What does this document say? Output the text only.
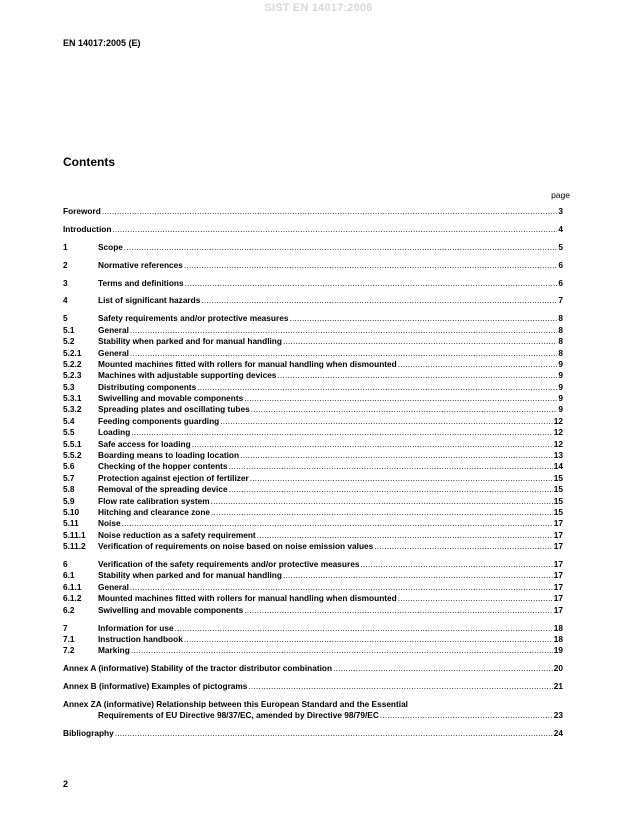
SIST EN 14017:2006
EN 14017:2005 (E)
Contents
page
Foreword .....	3
Introduction .....	4
1	Scope .....	5
2	Normative references .....	6
3	Terms and definitions .....	6
4	List of significant hazards .....	7
5	Safety requirements and/or protective measures .....	8
5.1	General .....	8
5.2	Stability when parked and for manual handling .....	8
5.2.1	General .....	8
5.2.2	Mounted machines fitted with rollers for manual handling when dismounted .....	9
5.2.3	Machines with adjustable supporting devices .....	9
5.3	Distributing components .....	9
5.3.1	Swivelling and movable components .....	9
5.3.2	Spreading plates and oscillating tubes .....	9
5.4	Feeding components guarding .....	12
5.5	Loading .....	12
5.5.1	Safe access for loading .....	12
5.5.2	Boarding means to loading location .....	13
5.6	Checking of the hopper contents .....	14
5.7	Protection against ejection of fertilizer .....	15
5.8	Removal of the spreading device .....	15
5.9	Flow rate calibration system .....	15
5.10	Hitching and clearance zone .....	15
5.11	Noise .....	17
5.11.1	Noise reduction as a safety requirement .....	17
5.11.2	Verification of requirements on noise based on noise emission values .....	17
6	Verification of the safety requirements and/or protective measures .....	17
6.1	Stability when parked and for manual handling .....	17
6.1.1	General .....	17
6.1.2	Mounted machines fitted with rollers for manual handling when dismounted .....	17
6.2	Swivelling and movable components .....	17
7	Information for use .....	18
7.1	Instruction handbook .....	18
7.2	Marking .....	19
Annex A (informative) Stability of the tractor distributor combination .....	20
Annex B (informative) Examples of pictograms .....	21
Annex ZA (informative) Relationship between this European Standard and the Essential
Requirements of EU Directive 98/37/EC, amended by Directive 98/79/EC .....	23
Bibliography .....	24
2
